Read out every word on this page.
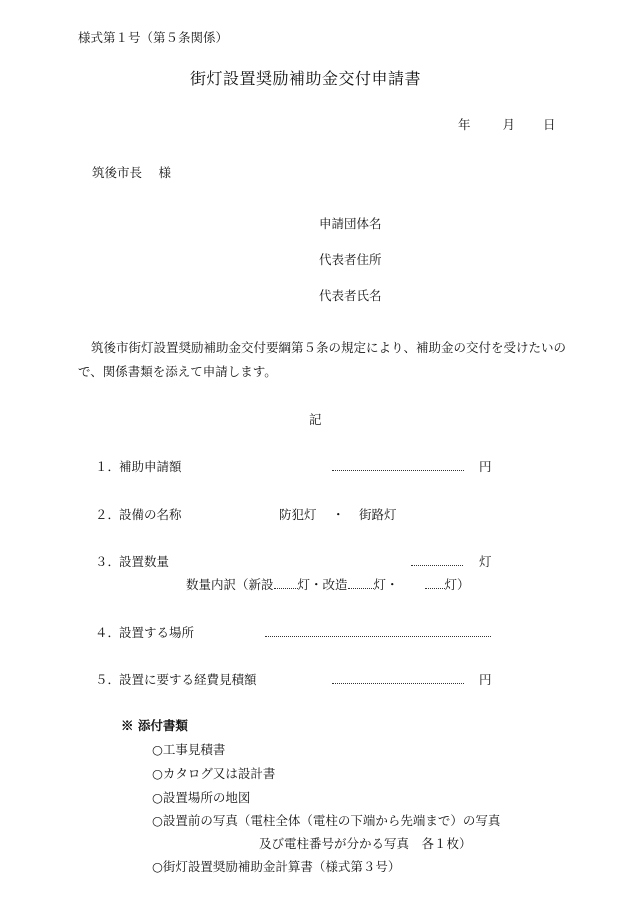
様式第１号（第５条関係）
街灯設置奨励補助金交付申請書
年	月 日
筑後市長　 様
申請団体名
代表者住所
代表者氏名
筑後市街灯設置奨励補助金交付要綱第５条の規定により、補助金の交付を受けたいので、関係書類を添えて申請します。
記
１．
補助申請額	円
２．
設備の名称	防犯灯 ・ 街路灯
３．
設置数量	灯
数量内訳（新設 灯・改造 灯・	灯）
４．
設置する場所
５．
設置に要する経費見積額	円
※ 添付書類
○工事見積書
○カタログ又は設計書
○設置場所の地図
○設置前の写真（電柱全体（電柱の下端から先端まで）の写真
及び電柱番号が分かる写真　各１枚）
○街灯設置奨励補助金計算書（様式第３号）
